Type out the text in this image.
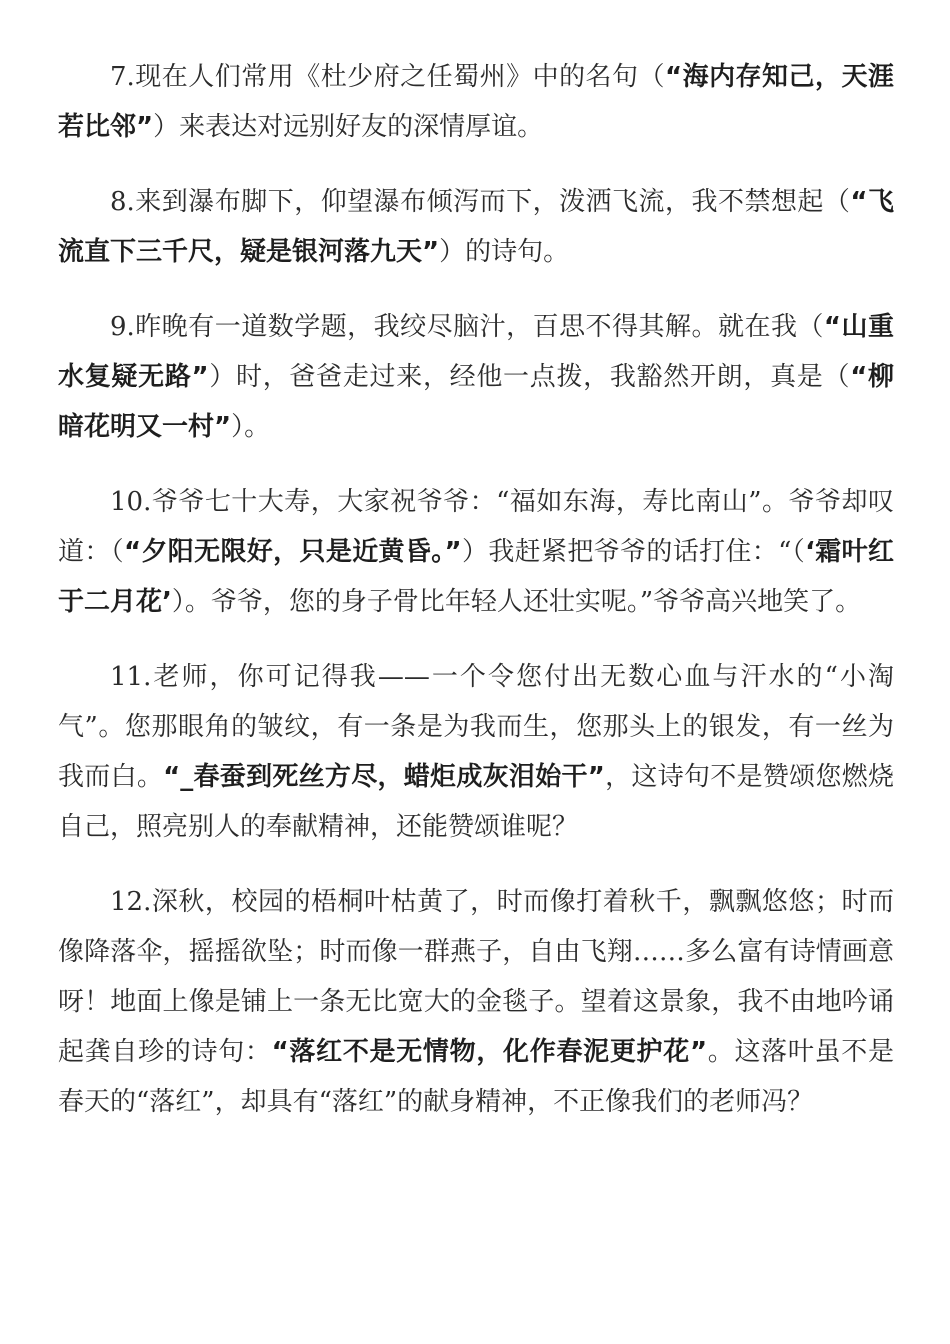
7.现在人们常用《杜少府之任蜀州》中的名句（“海内存知己，天涯若比邻”）来表达对远别好友的深情厚谊。

8.来到瀑布脚下，仰望瀑布倾泻而下，泼洒飞流，我不禁想起（“飞流直下三千尺，疑是银河落九天”）的诗句。

9.昨晚有一道数学题，我绞尽脑汁，百思不得其解。就在我（“山重水复疑无路”）时，爸爸走过来，经他一点拨，我豁然开朗，真是（“柳暗花明又一村”）。

10.爷爷七十大寿，大家祝爷爷：“福如东海，寿比南山”。爷爷却叹道：（“夕阳无限好，只是近黄昏。”）我赶紧把爷爷的话打住：“（‘霜叶红于二月花’）。爷爷，您的身子骨比年轻人还壮实呢。”爷爷高兴地笑了。

11.老师，你可记得我——一个令您付出无数心血与汗水的“小淘气”。您那眼角的皱纹，有一条是为我而生，您那头上的银发，有一丝为我而白。“_春蚕到死丝方尽，蜡炬成灰泪始干”，这诗句不是赞颂您燃烧自己，照亮别人的奉献精神，还能赞颂谁呢？

12.深秋，校园的梧桐叶枯黄了，时而像打着秋千，飘飘悠悠；时而像降落伞，摇摇欲坠；时而像一群燕子，自由飞翔……多么富有诗情画意呀！地面上像是铺上一条无比宽大的金毯子。望着这景象，我不由地吟诵起龚自珍的诗句：“落红不是无情物，化作春泥更护花”。这落叶虽不是春天的“落红”，却具有“落红”的献身精神，不正像我们的老师冯？
